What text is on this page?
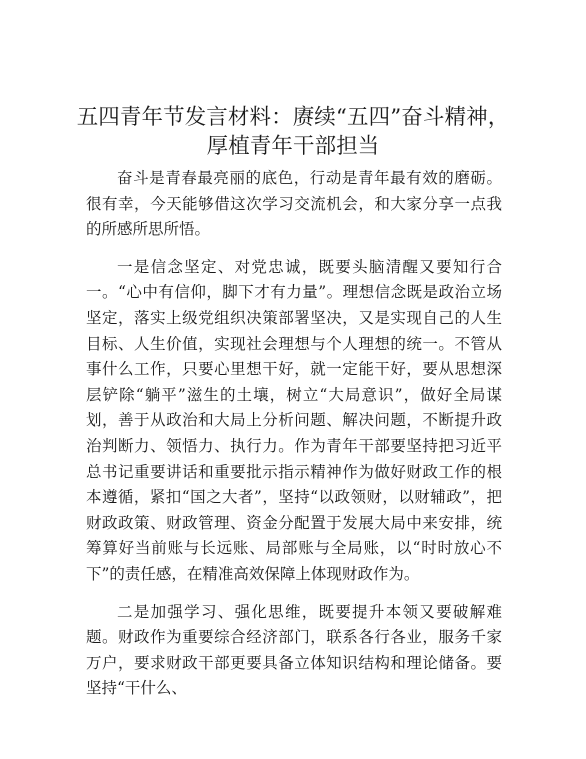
五四青年节发言材料：赓续“五四”奋斗精神，
厚植青年干部担当

奋斗是青春最亮丽的底色，行动是青年最有效的磨砺。很有幸，今天能够借这次学习交流机会，和大家分享一点我的所感所思所悟。

一是信念坚定、对党忠诚，既要头脑清醒又要知行合一。“心中有信仰，脚下才有力量”。理想信念既是政治立场坚定，落实上级党组织决策部署坚决，又是实现自己的人生目标、人生价值，实现社会理想与个人理想的统一。不管从事什么工作，只要心里想干好，就一定能干好，要从思想深层铲除“躺平”滋生的土壤，树立“大局意识”，做好全局谋划，善于从政治和大局上分析问题、解决问题，不断提升政治判断力、领悟力、执行力。作为青年干部要坚持把习近平总书记重要讲话和重要批示指示精神作为做好财政工作的根本遵循，紧扣“国之大者”，坚持“以政领财，以财辅政”，把财政政策、财政管理、资金分配置于发展大局中来安排，统筹算好当前账与长远账、局部账与全局账，以“时时放心不下”的责任感，在精准高效保障上体现财政作为。

二是加强学习、强化思维，既要提升本领又要破解难题。财政作为重要综合经济部门，联系各行各业，服务千家万户，要求财政干部更要具备立体知识结构和理论储备。要坚持“干什么、
